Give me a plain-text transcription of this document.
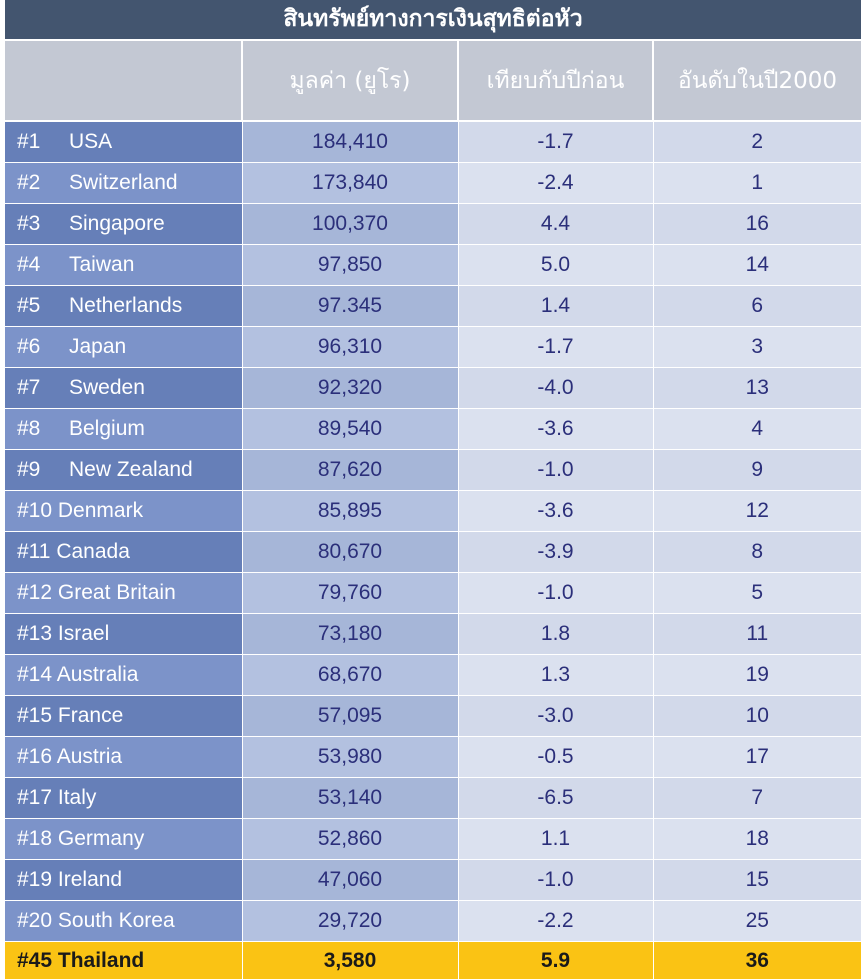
สินทรัพย์ทางการเงินสุทธิต่อหัว
	มูลค่า (ยูโร)	เทียบกับปีก่อน	อันดับในปี2000
#1 USA	184,410	-1.7	2
#2 Switzerland	173,840	-2.4	1
#3 Singapore	100,370	4.4	16
#4 Taiwan	97,850	5.0	14
#5 Netherlands	97.345	1.4	6
#6 Japan	96,310	-1.7	3
#7 Sweden	92,320	-4.0	13
#8 Belgium	89,540	-3.6	4
#9 New Zealand	87,620	-1.0	9
#10 Denmark	85,895	-3.6	12
#11 Canada	80,670	-3.9	8
#12 Great Britain	79,760	-1.0	5
#13 Israel	73,180	1.8	11
#14 Australia	68,670	1.3	19
#15 France	57,095	-3.0	10
#16 Austria	53,980	-0.5	17
#17 Italy	53,140	-6.5	7
#18 Germany	52,860	1.1	18
#19 Ireland	47,060	-1.0	15
#20 South Korea	29,720	-2.2	25
#45 Thailand	3,580	5.9	36
